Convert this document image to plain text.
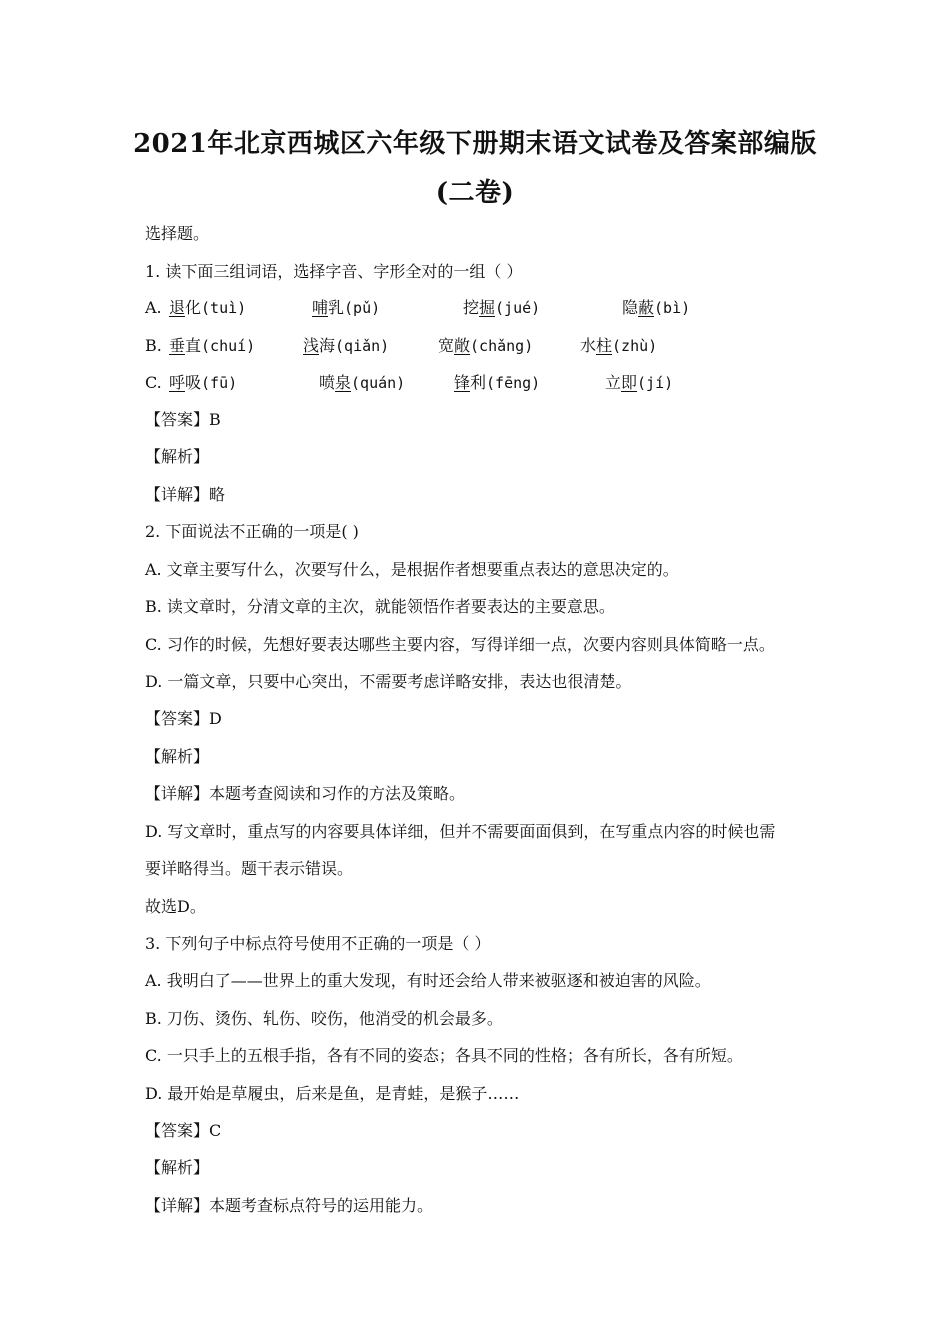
2021年北京西城区六年级下册期末语文试卷及答案部编版
(二卷)
选择题。
1. 读下面三组词语，选择字音、字形全对的一组（ ）
A. 退化(tuì)	哺乳(pǔ)	挖掘(jué)	隐蔽(bì)
B. 垂直(chuí)	浅海(qiǎn)	宽敞(chǎng)	水柱(zhù)
C. 呼吸(fū)	喷泉(quán)	锋利(fēng)	立即(jí)
【答案】B
【解析】
【详解】略
2. 下面说法不正确的一项是( )
A. 文章主要写什么，次要写什么，是根据作者想要重点表达的意思决定的。
B. 读文章时，分清文章的主次，就能领悟作者要表达的主要意思。
C. 习作的时候，先想好要表达哪些主要内容，写得详细一点，次要内容则具体简略一点。
D. 一篇文章，只要中心突出，不需要考虑详略安排，表达也很清楚。
【答案】D
【解析】
【详解】本题考查阅读和习作的方法及策略。
D. 写文章时，重点写的内容要具体详细，但并不需要面面俱到，在写重点内容的时候也需
要详略得当。题干表示错误。
故选D。
3. 下列句子中标点符号使用不正确的一项是（ ）
A. 我明白了——世界上的重大发现，有时还会给人带来被驱逐和被迫害的风险。
B. 刀伤、烫伤、轧伤、咬伤，他消受的机会最多。
C. 一只手上的五根手指，各有不同的姿态；各具不同的性格；各有所长，各有所短。
D. 最开始是草履虫，后来是鱼，是青蛙，是猴子……
【答案】C
【解析】
【详解】本题考查标点符号的运用能力。
